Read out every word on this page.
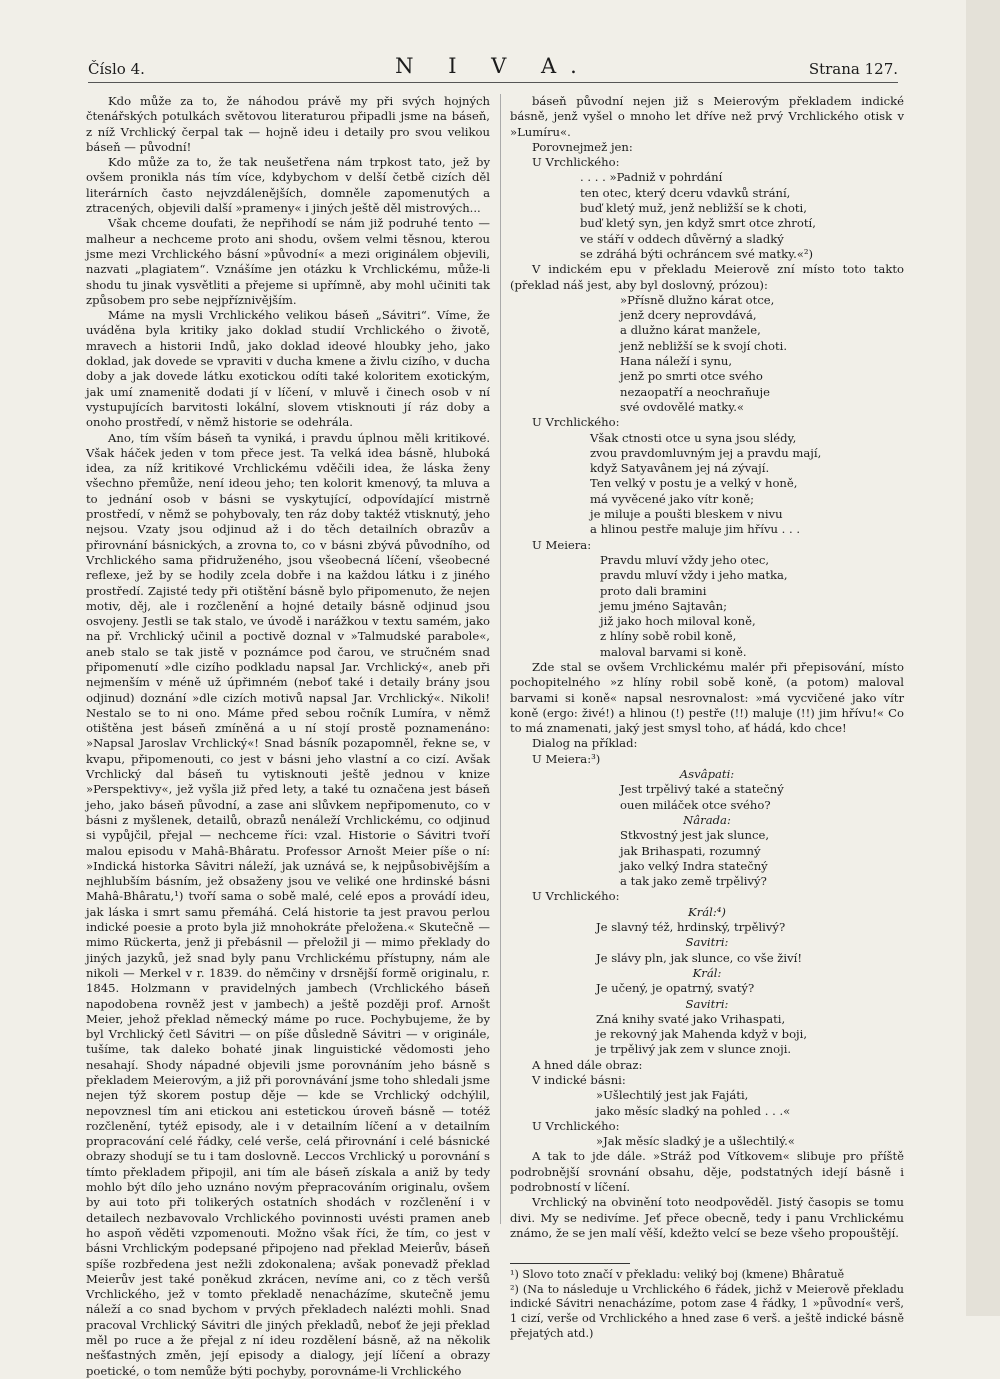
Číslo 4.	N I V A.	Strana 127.

Kdo může za to, že náhodou právě my při svých hojných čtenářských potulkách světovou literaturou připadli jsme na báseň, z níž Vrchlický čerpal tak — hojně ideu i detaily pro svou velikou báseň — původní!

Kdo může za to, že tak neušetřena nám trpkost tato, jež by ovšem pronikla nás tím více, kdybychom v delší četbě cizích děl literárních často nejvzdálenějších, domněle zapomenutých a ztracených, objevili další »prameny« i jiných ještě děl mistrových...

Však chceme doufati, že nepřihodí se nám již podruhé tento — malheur a nechceme proto ani shodu, ovšem velmi těsnou, kterou jsme mezi Vrchlického básní »původní« a mezi originálem objevili, nazvati „plagiatem“. Vznášíme jen otázku k Vrchlickému, může-li shodu tu jinak vysvětliti a přejeme si upřímně, aby mohl učiniti tak způsobem pro sebe nejpříznivějším.

Máme na mysli Vrchlického velikou báseň „Sávitri“. Víme, že uváděna byla kritiky jako doklad studií Vrchlického o životě, mravech a historii Indů, jako doklad ideové hloubky jeho, jako doklad, jak dovede se vpraviti v ducha kmene a živlu cizího, v ducha doby a jak dovede látku exotickou odíti také koloritem exotickým, jak umí znamenitě dodati jí v líčení, v mluvě i činech osob v ní vystupujících barvitosti lokální, slovem vtisknouti jí ráz doby a onoho prostředí, v němž historie se odehrála.

Ano, tím vším báseň ta vyniká, i pravdu úplnou měli kritikové. Však háček jeden v tom přece jest. Ta velká idea básně, hluboká idea, za níž kritikové Vrchlickému vděčili idea, že láska ženy všechno přemůže, není ideou jeho; ten kolorit kmenový, ta mluva a to jednání osob v básni se vyskytující, odpovídající mistrně prostředí, v němž se pohybovaly, ten ráz doby taktéž vtisknutý, jeho nejsou. Vzaty jsou odjinud až i do těch detailních obrazův a přirovnání básnických, a zrovna to, co v básni zbývá původního, od Vrchlického sama přidruženého, jsou všeobecná líčení, všeobecné reflexe, jež by se hodily zcela dobře i na každou látku i z jiného prostředí. Zajisté tedy při otištění básně bylo připomenuto, že nejen motiv, děj, ale i rozčlenění a hojné detaily básně odjinud jsou osvojeny. Jestli se tak stalo, ve úvodě i narážkou v textu samém, jako na př. Vrchlický učinil a poctivě doznal v »Talmudské parabole«, aneb stalo se tak jistě v poznámce pod čarou, ve stručném snad připomenutí »dle cizího podkladu napsal Jar. Vrchlický«, aneb při nejmenším v méně už úpřimném (neboť také i detaily brány jsou odjinud) doznání »dle cizích motivů napsal Jar. Vrchlický«. Nikoli! Nestalo se to ni ono. Máme před sebou ročník Lumíra, v němž otištěna jest báseň zmíněná a u ní stojí prostě poznamenáno: »Napsal Jaroslav Vrchlický«! Snad básník pozapomněl, řekne se, v kvapu, připomenouti, co jest v básni jeho vlastní a co cizí. Avšak Vrchlický dal báseň tu vytisknouti ještě jednou v knize »Perspektivy«, jež vyšla již před lety, a také tu označena jest báseň jeho, jako báseň původní, a zase ani slůvkem nepřipomenuto, co v básni z myšlenek, detailů, obrazů nenáleží Vrchlickému, co odjinud si vypůjčil, přejal — nechceme říci: vzal. Historie o Sávitri tvoří malou episodu v Mahâ-Bhâratu. Professor Arnošt Meier píše o ní: »Indická historka Sâvitri náleží, jak uznává se, k nejpůsobivějším a nejhlubším básním, jež obsaženy jsou ve veliké one hrdinské básni Mahâ-Bhâratu,¹) tvoří sama o sobě malé, celé epos a provádí ideu, jak láska i smrt samu přemáhá. Celá historie ta jest pravou perlou indické poesie a proto byla již mnohokráte přeložena.« Skutečně — mimo Rückerta, jenž ji přebásnil — přeložil ji — mimo překlady do jiných jazyků, jež snad byly panu Vrchlickému přístupny, nám ale nikoli — Merkel v r. 1839. do němčiny v drsnější formě originalu, r. 1845. Holzmann v pravidelných jambech (Vrchlického báseň napodobena rovněž jest v jambech) a ještě později prof. Arnošt Meier, jehož překlad německý máme po ruce. Pochybujeme, že by byl Vrchlický četl Sávitri — on píše důsledně Sávitri — v originále, tušíme, tak daleko bohaté jinak linguistické vědomosti jeho nesahají. Shody nápadné objevili jsme porovnáním jeho básně s překladem Meierovým, a již při porovnávání jsme toho shledali jsme nejen týž skorem postup děje — kde se Vrchlický odchýlil, nepovznesl tím ani etickou ani estetickou úroveň básně — totéž rozčlenění, tytéž episody, ale i v detailním líčení a v detailním propracování celé řádky, celé verše, celá přirovnání i celé básnické obrazy shodují se tu i tam doslovně. Leccos Vrchlický u porovnání s tímto překladem připojil, ani tím ale báseň získala a aniž by tedy mohlo být dílo jeho uznáno novým přepracováním originalu, ovšem by aui toto při tolikerých ostatních shodách v rozčlenění i v detailech nezbavovalo Vrchlického povinnosti uvésti pramen aneb ho aspoň věděti vzpomenouti. Možno však říci, že tím, co jest v básni Vrchlickým podepsané připojeno nad překlad Meierův, báseň spíše rozbředena jest nežli zdokonalena; avšak ponevadž překlad Meierův jest také poněkud zkrácen, nevíme ani, co z těch veršů Vrchlického, jež v tomto překladě nenacházíme, skutečně jemu náleží a co snad bychom v prvých překladech nalézti mohli. Snad pracoval Vrchlický Sávitri dle jiných překladů, neboť že jeji překlad měl po ruce a že přejal z ní ideu rozdělení básně, až na několik nešťastných změn, její episody a dialogy, její líčení a obrazy poetické, o tom nemůže býti pochyby, porovnáme-li Vrchlického

báseň původní nejen již s Meierovým překladem indické básně, jenž vyšel o mnoho let dříve než prvý Vrchlického otisk v »Lumíru«.

Porovnejmež jen:
U Vrchlického:
. . . . »Padniž v pohrdání
ten otec, který dceru vdavků strání,
buď kletý muž, jenž nebližší se k choti,
buď kletý syn, jen když smrt otce zhrotí,
ve stáří v oddech důvěrný a sladký
se zdráhá býti ochráncem své matky.«²)

V indickém epu v překladu Meierově zní místo toto takto (překlad náš jest, aby byl doslovný, prózou):

»Přísně dlužno kárat otce,
jenž dcery neprovdává,
a dlužno kárat manžele,
jenž nebližší se k svojí choti.
Hana náleží i synu,
jenž po smrti otce svého
nezaopatří a neochraňuje
své ovdovělé matky.«
U Vrchlického:
Však ctnosti otce u syna jsou slédy,
zvou pravdomluvným jej a pravdu mají,
když Satyavânem jej ná zývají.
Ten velký v postu je a velký v honě,
má vyvěcené jako vítr koně;
je miluje a poušti bleskem v nivu
a hlinou pestře maluje jim hřívu . . .
U Meiera:
Pravdu mluví vždy jeho otec,
pravdu mluví vždy i jeho matka,
proto dali bramini
jemu jméno Sajtavân;
již jako hoch miloval koně,
z hlíny sobě robil koně,
maloval barvami si koně.

Zde stal se ovšem Vrchlickému malér při přepisování, místo pochopitelného »z hlíny robil sobě koně, (a potom) maloval barvami si koně« napsal nesrovnalost: »má vycvičené jako vítr koně (ergo: živé!) a hlinou (!) pestře (!!) maluje (!!) jim hřívu!« Co to má znamenati, jaký jest smysl toho, ať hádá, kdo chce!

Dialog na příklad:
U Meiera:³)
Asvâpati:
Jest trpělivý také a statečný
ouen miláček otce svého?
Nârada:
Stkvostný jest jak slunce,
jak Brihaspati, rozumný
jako velký Indra statečný
a tak jako země trpělivý?
U Vrchlického:
Král:⁴)
Je slavný též, hrdinský, trpělivý?
Savitri:
Je slávy pln, jak slunce, co vše živí!
Král:
Je učený, je opatrný, svatý?
Savitri:
Zná knihy svaté jako Vrihaspati,
je rekovný jak Mahenda když v boji,
je trpělivý jak zem v slunce znoji.

A hned dále obraz:

V indické básni:
»Ušlechtilý jest jak Fajáti,
jako měsíc sladký na pohled . . .«
U Vrchlického:
»Jak měsíc sladký je a ušlechtilý.«

A tak to jde dále. »Stráž pod Vítkovem« slibuje pro příště podrobnější srovnání obsahu, děje, podstatných idejí básně i podrobností v líčení.

Vrchlický na obvinění toto neodpověděl. Jistý časopis se tomu divi. My se nedivíme. Jeť přece obecně, tedy i panu Vrchlickému známo, že se jen malí věší, kdežto velcí se beze všeho propouštějí.

¹) Slovo toto značí v překladu: veliký boj (kmene) Bhâratuě
²) (Na to následuje u Vrchlického 6 řádek, jichž v Meierově překladu indické Sávitri nenacházíme, potom zase 4 řádky, 1 »původní« verš, 1 cizí, verše od Vrchlického a hned zase 6 verš. a ještě indické básně přejatých atd.)
